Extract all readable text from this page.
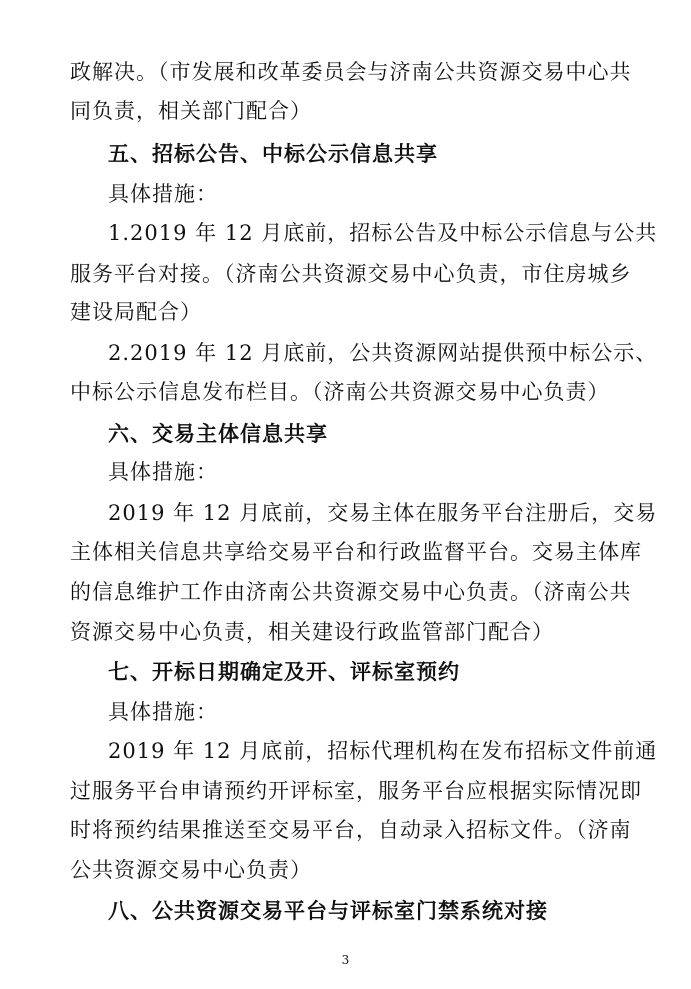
政解决。（市发展和改革委员会与济南公共资源交易中心共
同负责，相关部门配合）
五、招标公告、中标公示信息共享
具体措施：
1.2019 年 12 月底前，招标公告及中标公示信息与公共
服务平台对接。（济南公共资源交易中心负责，市住房城乡
建设局配合）
2.2019 年 12 月底前，公共资源网站提供预中标公示、
中标公示信息发布栏目。（济南公共资源交易中心负责）
六、交易主体信息共享
具体措施：
2019 年 12 月底前，交易主体在服务平台注册后，交易
主体相关信息共享给交易平台和行政监督平台。交易主体库
的信息维护工作由济南公共资源交易中心负责。（济南公共
资源交易中心负责，相关建设行政监管部门配合）
七、开标日期确定及开、评标室预约
具体措施：
2019 年 12 月底前，招标代理机构在发布招标文件前通
过服务平台申请预约开评标室，服务平台应根据实际情况即
时将预约结果推送至交易平台，自动录入招标文件。（济南
公共资源交易中心负责）
八、公共资源交易平台与评标室门禁系统对接
3
